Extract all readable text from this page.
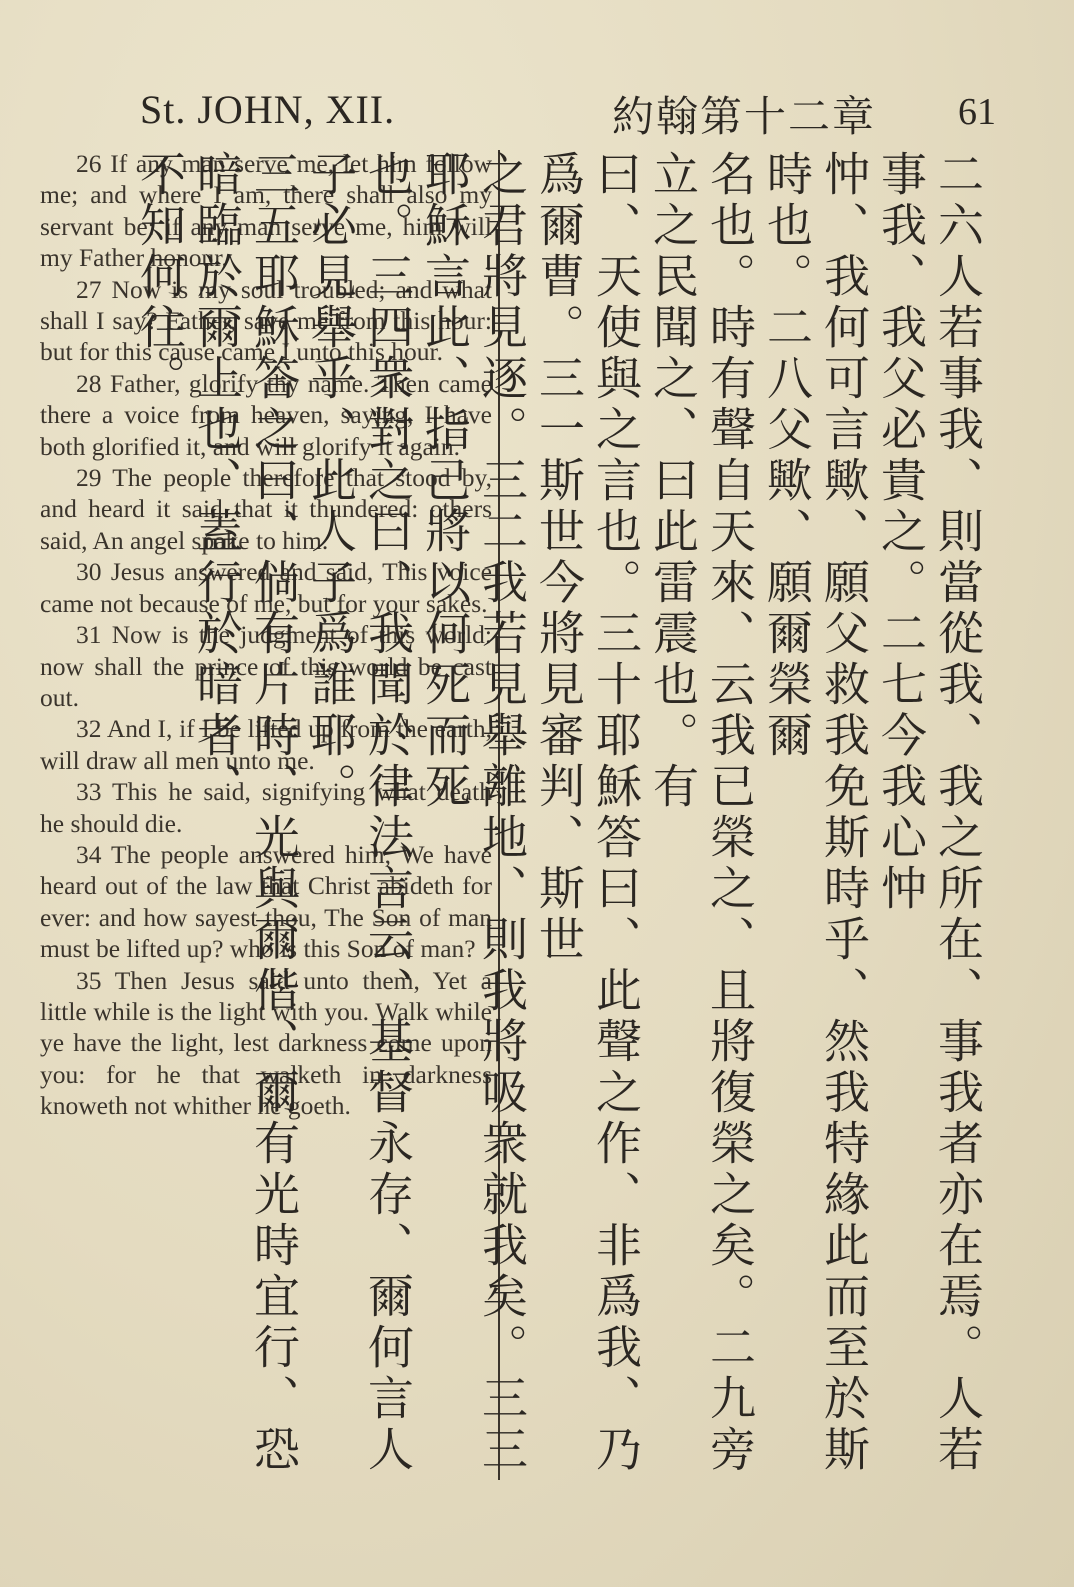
St. JOHN, XII.	約翰第十二章 61

26 If any man serve me, let him follow me; and where I am, there shall also my servant be: if any man serve me, him will my Father honour.

27 Now is my soul troubled; and what shall I say? Father, save me from this hour: but for this cause came I unto this hour.

28 Father, glorify thy name. Then came there a voice from heaven, saying, I have both glorified it, and will glorify it again.

29 The people therefore that stood by, and heard it said that it thundered: others said, An angel spake to him.

30 Jesus answered and said, This voice came not because of me, but for your sakes.

31 Now is the judgment of this world: now shall the prince of this world be cast out.

32 And I, if I be lifted up from the earth, will draw all men unto me.

33 This he said, signifying what death he should die.

34 The people answered him, We have heard out of the law that Christ abideth for ever: and how sayest thou, The Son of man must be lifted up? who is this Son of man?

35 Then Jesus said unto them, Yet a little while is the light with you. Walk while ye have the light, lest darkness come upon you: for he that walketh in darkness knoweth not whither he goeth.	二六人若事我、則當從我、我之所在、事我者亦在焉。人若事我、我父必貴之。二七今我心忡
忡、我何可言歟、願父救我免斯時乎、然我特緣此而至於斯時也。二八父歟、願爾榮爾
名也。時有聲自天來、云我已榮之、且將復榮之矣。二九旁立之民聞之、曰此雷震也。有
曰、天使與之言也。三十耶穌答曰、此聲之作、非爲我、乃爲爾曹。三一斯世今將見審判、斯世
之君將見逐。三二我若見舉離地、則我將吸衆就我矣。三三耶穌言此、指己將以何死而死
也。三四衆對之曰、我聞於律法言云、基督永存、爾何言人子必見舉乎、此人子爲誰耶。
三五耶穌答之曰、倘有片時、光與爾偕、爾有光時宜行、恐暗臨於爾上也、蓋行於暗者、
不知何往。
